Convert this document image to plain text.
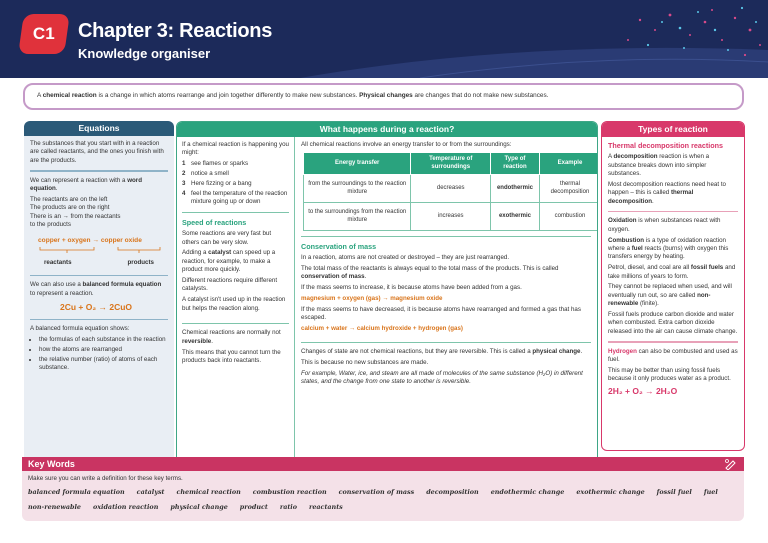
C1 Chapter 3: Reactions
Knowledge organiser
A chemical reaction is a change in which atoms rearrange and join together differently to make new substances. Physical changes are changes that do not make new substances.
Equations

The substances that you start with in a reaction are called reactants, and the ones you finish with are the products.

We can represent a reaction with a word equation.

The reactants are on the left
The products are on the right
There is an → from the reactants
to the products
copper + oxygen → copper oxide
reactants	products

We can also use a balanced formula equation to represent a reaction.

2Cu + O₂ → 2CuO

A balanced formula equation shows:

• the formulas of each substance in the reaction
• how the atoms are rearranged
• the relative number (ratio) of atoms of each substance.
What happens during a reaction?

If a chemical reaction is happening you might:

1 see flames or sparks
2 notice a smell
3 Here fizzing or a bang
4 feel the temperature of the reaction mixture going up or down

Speed of reactions

Some reactions are very fast but others can be very slow.

Adding a catalyst can speed up a reaction, for example, to make a product more quickly.

Different reactions require different catalysts.

A catalyst isn't used up in the reaction but helps the reaction along.

Chemical reactions are normally not reversible.

This means that you cannot turn the products back into reactants.

All chemical reactions involve an energy transfer to or from the surroundings:

Energy transfer	Temperature of surroundings	Type of reaction	Example
from the surroundings to the reaction mixture	decreases	endothermic	thermal decomposition
to the surroundings from the reaction mixture	increases	exothermic	combustion

Conservation of mass

In a reaction, atoms are not created or destroyed – they are just rearranged.

The total mass of the reactants is always equal to the total mass of the products. This is called conservation of mass.

If the mass seems to increase, it is because atoms have been added from a gas.

magnesium + oxygen (gas) → magnesium oxide

If the mass seems to have decreased, it is because atoms have rearranged and formed a gas that has escaped.

calcium + water → calcium hydroxide + hydrogen (gas)

Changes of state are not chemical reactions, but they are reversible. This is called a physical change.

This is because no new substances are made.

For example, Water, ice, and steam are all made of molecules of the same substance (H₂O) in different states, and the change from one state to another is reversible.

Types of reaction

Thermal decomposition reactions

A decomposition reaction is when a substance breaks down into simpler substances.

Most decomposition reactions need heat to happen – this is called thermal decomposition.

Oxidation is when substances react with oxygen.

Combustion is a type of oxidation reaction where a fuel reacts (burns) with oxygen this transfers energy by heating.

Petrol, diesel, and coal are all fossil fuels and take millions of years to form.

They cannot be replaced when used, and will eventually run out, so are called non-renewable (finite).

Fossil fuels produce carbon dioxide and water when combusted. Extra carbon dioxide released into the air can cause climate change.

Hydrogen can also be combusted and used as fuel.

This may be better than using fossil fuels because it only produces water as a product.

2H₂ + O₂ → 2H₂O

Key Words
Make sure you can write a definition for these key terms.
balanced formula equation catalyst chemical reaction combustion reaction conservation of mass decomposition endothermic change exothermic change fossil fuel fuel
non-renewable oxidation reaction physical change product ratio reactants
